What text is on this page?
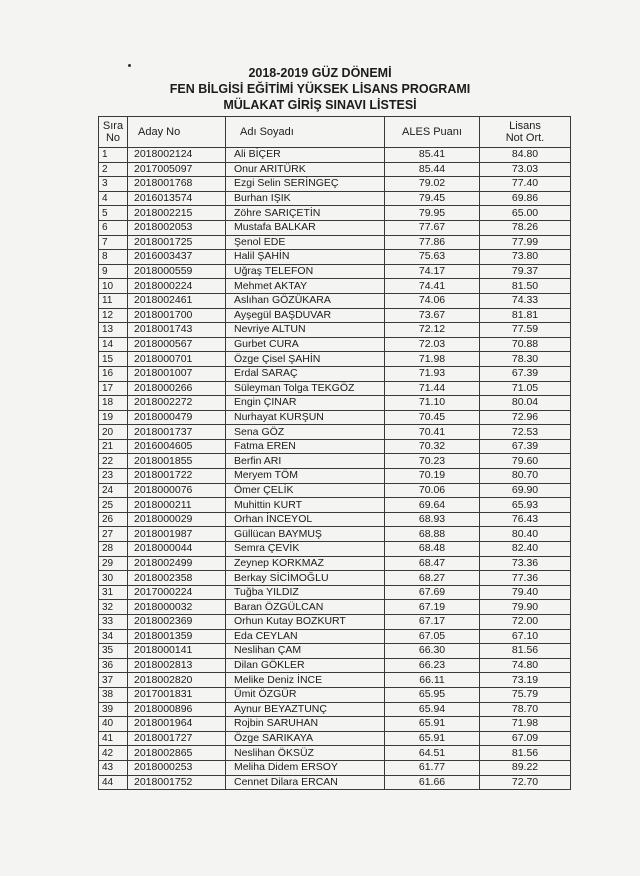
2018-2019 GÜZ DÖNEMİ
FEN BİLGİSİ EĞİTİMİ YÜKSEK LİSANS PROGRAMI
MÜLAKAT GİRİŞ SINAVI LİSTESİ
Sıra
No	Aday No	Adı Soyadı	ALES Puanı	Lisans
Not Ort.
1	2018002124	Ali BİÇER	85.41	84.80
2	2017005097	Onur ARITÜRK	85.44	73.03
3	2018001768	Ezgi Selin SERİNGEÇ	79.02	77.40
4	2016013574	Burhan IŞIK	79.45	69.86
5	2018002215	Zöhre SARIÇETİN	79.95	65.00
6	2018002053	Mustafa BALKAR	77.67	78.26
7	2018001725	Şenol EDE	77.86	77.99
8	2016003437	Halil ŞAHİN	75.63	73.80
9	2018000559	Uğraş TELEFON	74.17	79.37
10	2018000224	Mehmet AKTAY	74.41	81.50
11	2018002461	Aslıhan GÖZÜKARA	74.06	74.33
12	2018001700	Ayşegül BAŞDUVAR	73.67	81.81
13	2018001743	Nevriye ALTUN	72.12	77.59
14	2018000567	Gurbet CURA	72.03	70.88
15	2018000701	Özge Çisel ŞAHİN	71.98	78.30
16	2018001007	Erdal SARAÇ	71.93	67.39
17	2018000266	Süleyman Tolga TEKGÖZ	71.44	71.05
18	2018002272	Engin ÇINAR	71.10	80.04
19	2018000479	Nurhayat KURŞUN	70.45	72.96
20	2018001737	Sena GÖZ	70.41	72.53
21	2016004605	Fatma EREN	70.32	67.39
22	2018001855	Berfin ARI	70.23	79.60
23	2018001722	Meryem TÖM	70.19	80.70
24	2018000076	Ömer ÇELİK	70.06	69.90
25	2018000211	Muhittin KURT	69.64	65.93
26	2018000029	Orhan İNCEYOL	68.93	76.43
27	2018001987	Güllücan BAYMUŞ	68.88	80.40
28	2018000044	Semra ÇEVİK	68.48	82.40
29	2018002499	Zeynep KORKMAZ	68.47	73.36
30	2018002358	Berkay SİCİMOĞLU	68.27	77.36
31	2017000224	Tuğba YILDIZ	67.69	79.40
32	2018000032	Baran ÖZGÜLCAN	67.19	79.90
33	2018002369	Orhun Kutay BOZKURT	67.17	72.00
34	2018001359	Eda CEYLAN	67.05	67.10
35	2018000141	Neslihan ÇAM	66.30	81.56
36	2018002813	Dilan GÖKLER	66.23	74.80
37	2018002820	Melike Deniz İNCE	66.11	73.19
38	2017001831	Ümit ÖZGÜR	65.95	75.79
39	2018000896	Aynur BEYAZTUNÇ	65.94	78.70
40	2018001964	Rojbin SARUHAN	65.91	71.98
41	2018001727	Özge SARIKAYA	65.91	67.09
42	2018002865	Neslihan ÖKSÜZ	64.51	81.56
43	2018000253	Meliha Didem ERSOY	61.77	89.22
44	2018001752	Cennet Dilara ERCAN	61.66	72.70
